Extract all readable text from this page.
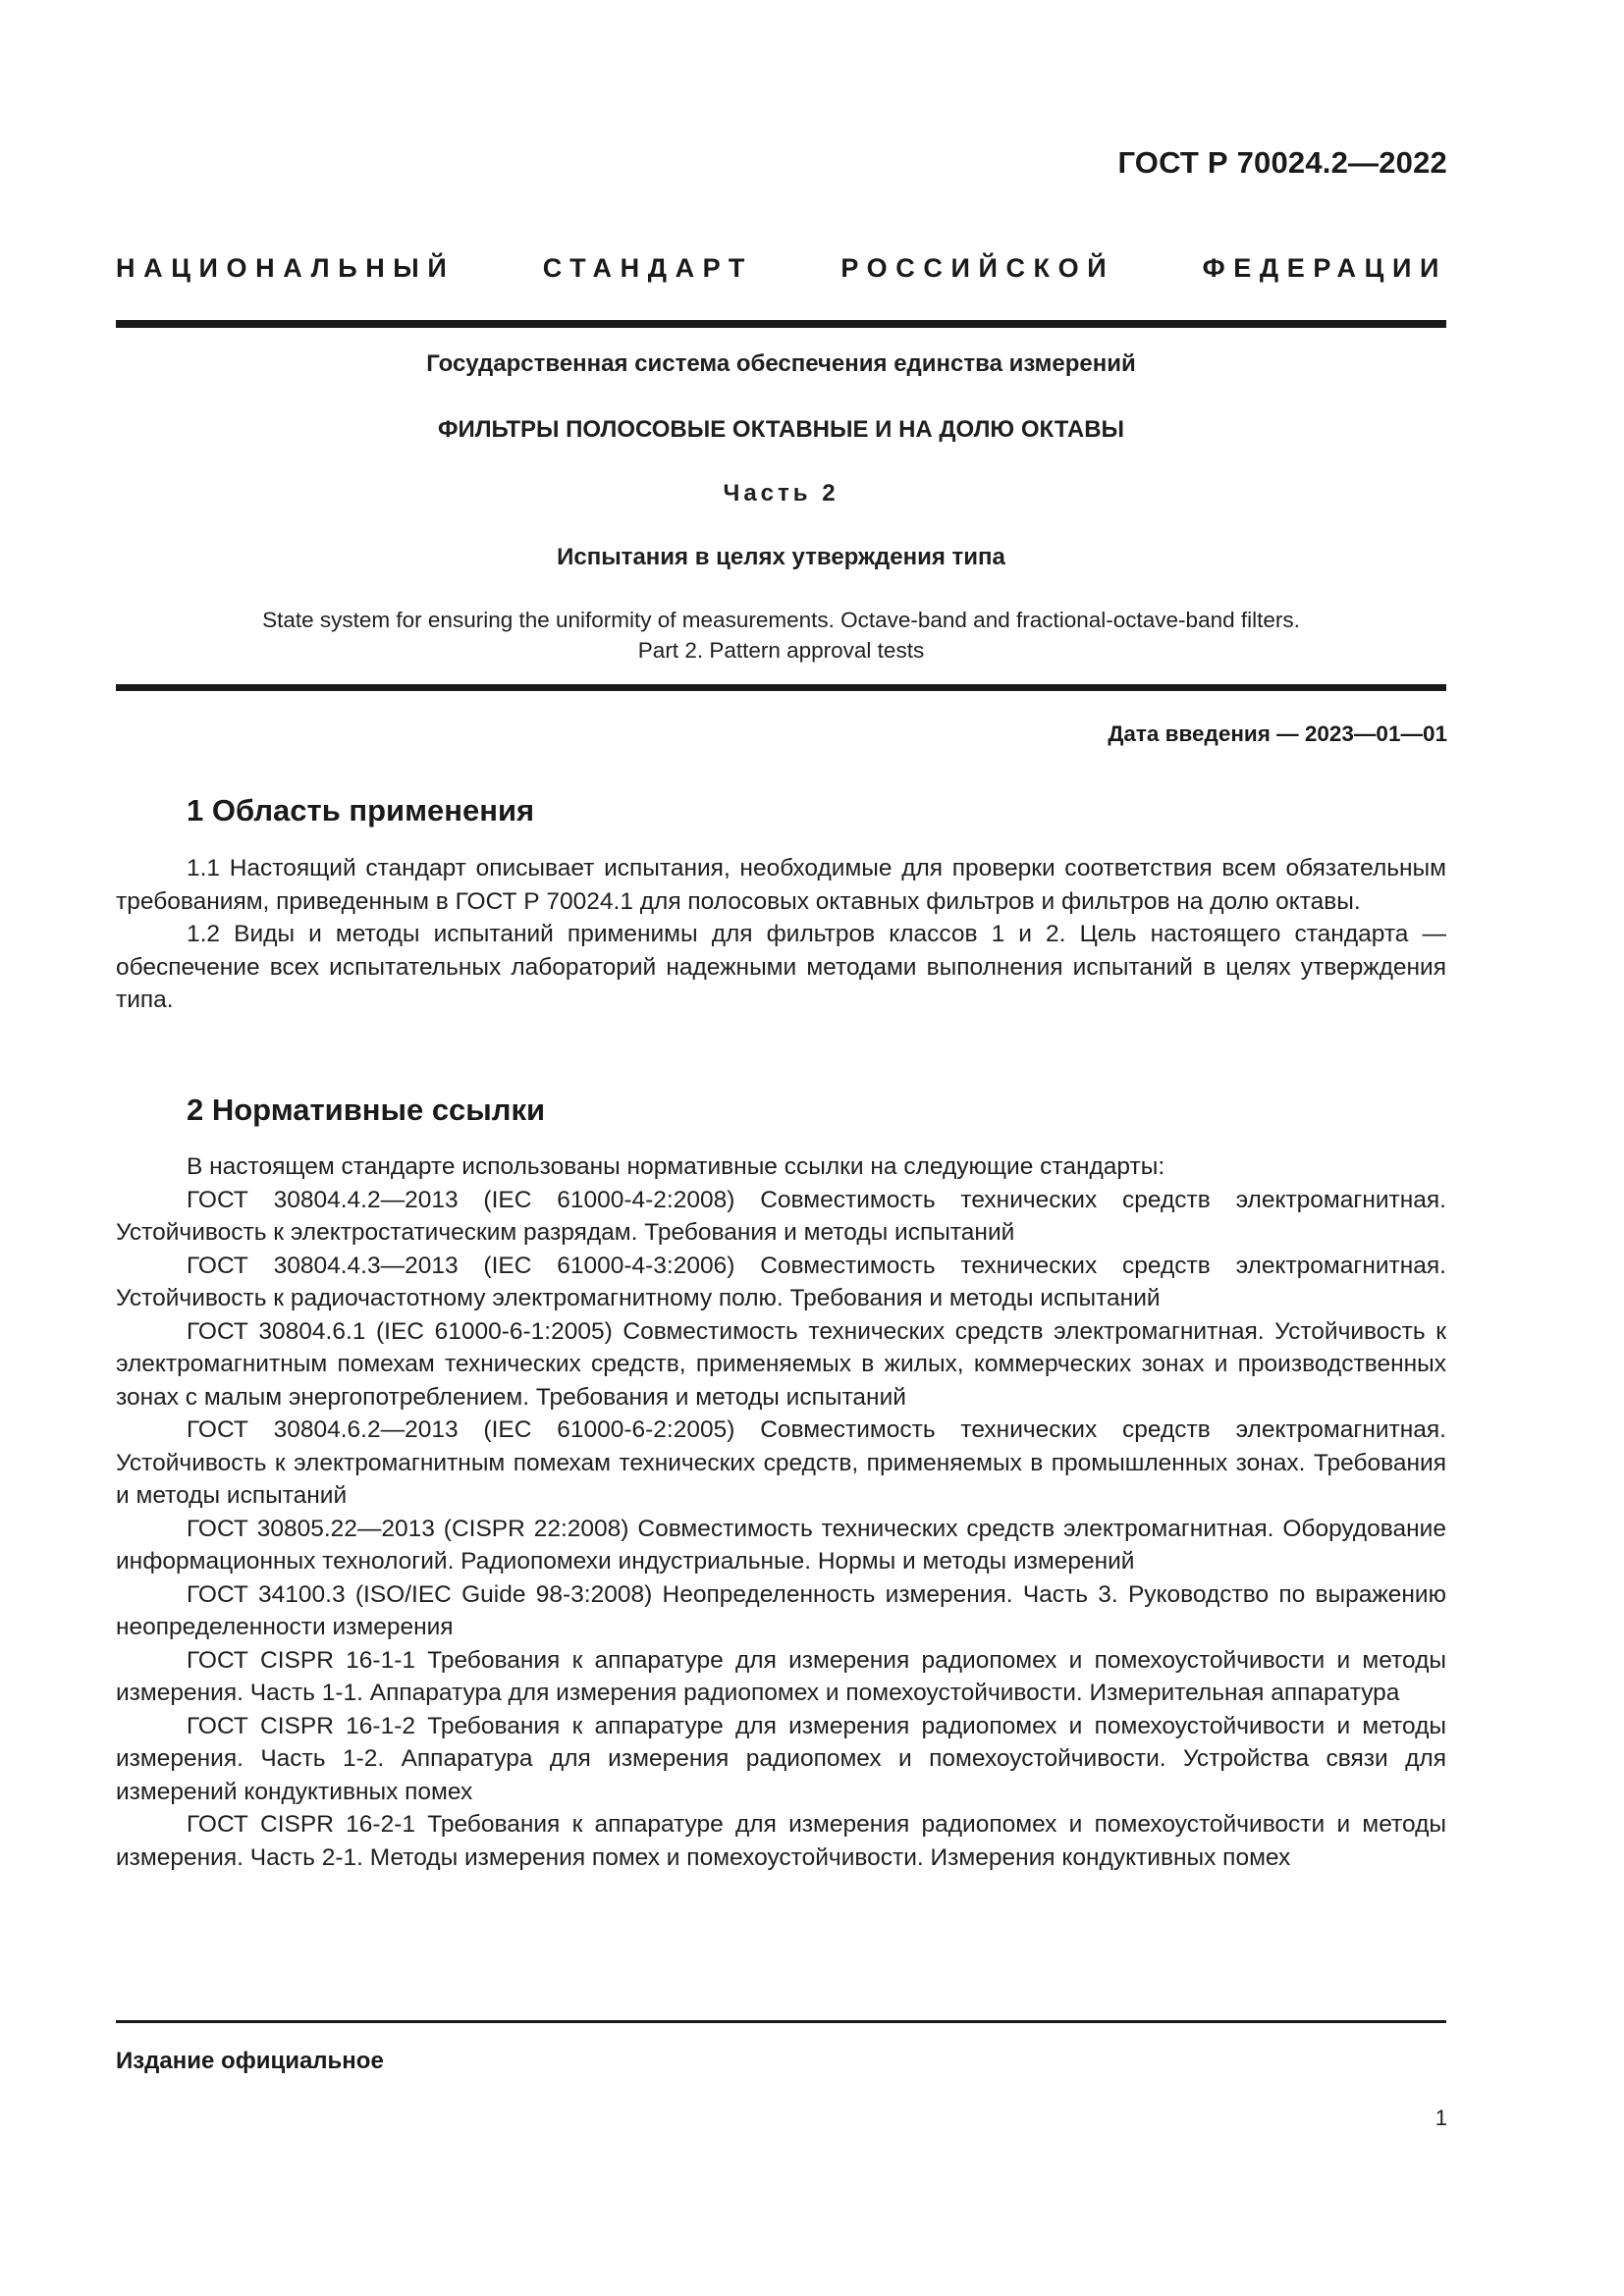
ГОСТ Р 70024.2—2022
НАЦИОНАЛЬНЫЙ СТАНДАРТ РОССИЙСКОЙ ФЕДЕРАЦИИ
Государственная система обеспечения единства измерений
ФИЛЬТРЫ ПОЛОСОВЫЕ ОКТАВНЫЕ И НА ДОЛЮ ОКТАВЫ
Часть 2
Испытания в целях утверждения типа
State system for ensuring the uniformity of measurements. Octave-band and fractional-octave-band filters.
Part 2. Pattern approval tests
Дата введения — 2023—01—01
1 Область применения

1.1 Настоящий стандарт описывает испытания, необходимые для проверки соответствия всем обязательным требованиям, приведенным в ГОСТ Р 70024.1 для полосовых октавных фильтров и фильтров на долю октавы.

1.2 Виды и методы испытаний применимы для фильтров классов 1 и 2. Цель настоящего стандарта — обеспечение всех испытательных лабораторий надежными методами выполнения испытаний в целях утверждения типа.

2 Нормативные ссылки

В настоящем стандарте использованы нормативные ссылки на следующие стандарты:

ГОСТ 30804.4.2—2013 (IEC 61000-4-2:2008) Совместимость технических средств электромагнитная. Устойчивость к электростатическим разрядам. Требования и методы испытаний

ГОСТ 30804.4.3—2013 (IEC 61000-4-3:2006) Совместимость технических средств электромагнитная. Устойчивость к радиочастотному электромагнитному полю. Требования и методы испытаний

ГОСТ 30804.6.1 (IEC 61000-6-1:2005) Совместимость технических средств электромагнитная. Устойчивость к электромагнитным помехам технических средств, применяемых в жилых, коммерческих зонах и производственных зонах с малым энергопотреблением. Требования и методы испытаний

ГОСТ 30804.6.2—2013 (IEC 61000-6-2:2005) Совместимость технических средств электромагнитная. Устойчивость к электромагнитным помехам технических средств, применяемых в промышленных зонах. Требования и методы испытаний

ГОСТ 30805.22—2013 (CISPR 22:2008) Совместимость технических средств электромагнитная. Оборудование информационных технологий. Радиопомехи индустриальные. Нормы и методы измерений

ГОСТ 34100.3 (ISO/IEC Guide 98-3:2008) Неопределенность измерения. Часть 3. Руководство по выражению неопределенности измерения

ГОСТ CISPR 16-1-1 Требования к аппаратуре для измерения радиопомех и помехоустойчивости и методы измерения. Часть 1-1. Аппаратура для измерения радиопомех и помехоустойчивости. Измерительная аппаратура

ГОСТ CISPR 16-1-2 Требования к аппаратуре для измерения радиопомех и помехоустойчивости и методы измерения. Часть 1-2. Аппаратура для измерения радиопомех и помехоустойчивости. Устройства связи для измерений кондуктивных помех

ГОСТ CISPR 16-2-1 Требования к аппаратуре для измерения радиопомех и помехоустойчивости и методы измерения. Часть 2-1. Методы измерения помех и помехоустойчивости. Измерения кондуктивных помех

Издание официальное
1
